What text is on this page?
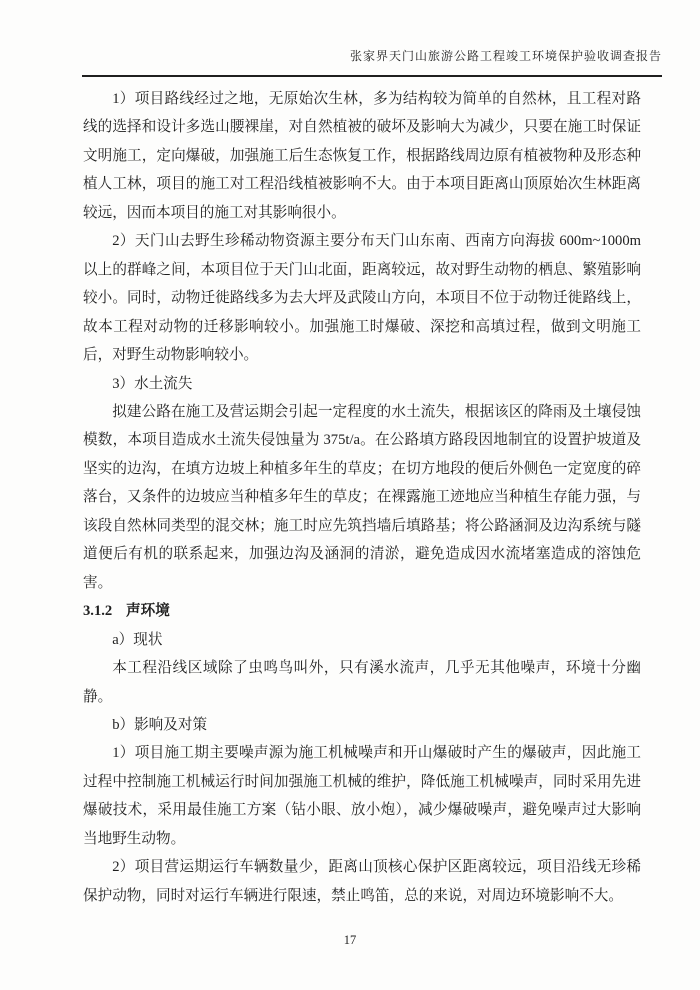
张家界天门山旅游公路工程竣工环境保护验收调查报告

1）项目路线经过之地，无原始次生林，多为结构较为简单的自然林，且工程对路线的选择和设计多选山腰裸崖，对自然植被的破坏及影响大为减少，只要在施工时保证文明施工，定向爆破，加强施工后生态恢复工作，根据路线周边原有植被物种及形态种植人工林，项目的施工对工程沿线植被影响不大。由于本项目距离山顶原始次生林距离较远，因而本项目的施工对其影响很小。

2）天门山去野生珍稀动物资源主要分布天门山东南、西南方向海拔 600m~1000m以上的群峰之间，本项目位于天门山北面，距离较远，故对野生动物的栖息、繁殖影响较小。同时，动物迁徙路线多为去大坪及武陵山方向，本项目不位于动物迁徙路线上，故本工程对动物的迁移影响较小。加强施工时爆破、深挖和高填过程，做到文明施工后，对野生动物影响较小。

3）水土流失

拟建公路在施工及营运期会引起一定程度的水土流失，根据该区的降雨及土壤侵蚀模数，本项目造成水土流失侵蚀量为 375t/a。在公路填方路段因地制宜的设置护坡道及坚实的边沟，在填方边坡上种植多年生的草皮；在切方地段的便后外侧色一定宽度的碎落台，又条件的边坡应当种植多年生的草皮；在裸露施工迹地应当种植生存能力强，与该段自然林同类型的混交林；施工时应先筑挡墙后填路基；将公路涵洞及边沟系统与隧道便后有机的联系起来，加强边沟及涵洞的清淤，避免造成因水流堵塞造成的溶蚀危害。

3.1.2 声环境

a）现状

本工程沿线区域除了虫鸣鸟叫外，只有溪水流声，几乎无其他噪声，环境十分幽静。

b）影响及对策

1）项目施工期主要噪声源为施工机械噪声和开山爆破时产生的爆破声，因此施工过程中控制施工机械运行时间加强施工机械的维护，降低施工机械噪声，同时采用先进爆破技术，采用最佳施工方案（钻小眼、放小炮），减少爆破噪声，避免噪声过大影响当地野生动物。

2）项目营运期运行车辆数量少，距离山顶核心保护区距离较远，项目沿线无珍稀保护动物，同时对运行车辆进行限速，禁止鸣笛，总的来说，对周边环境影响不大。

17
